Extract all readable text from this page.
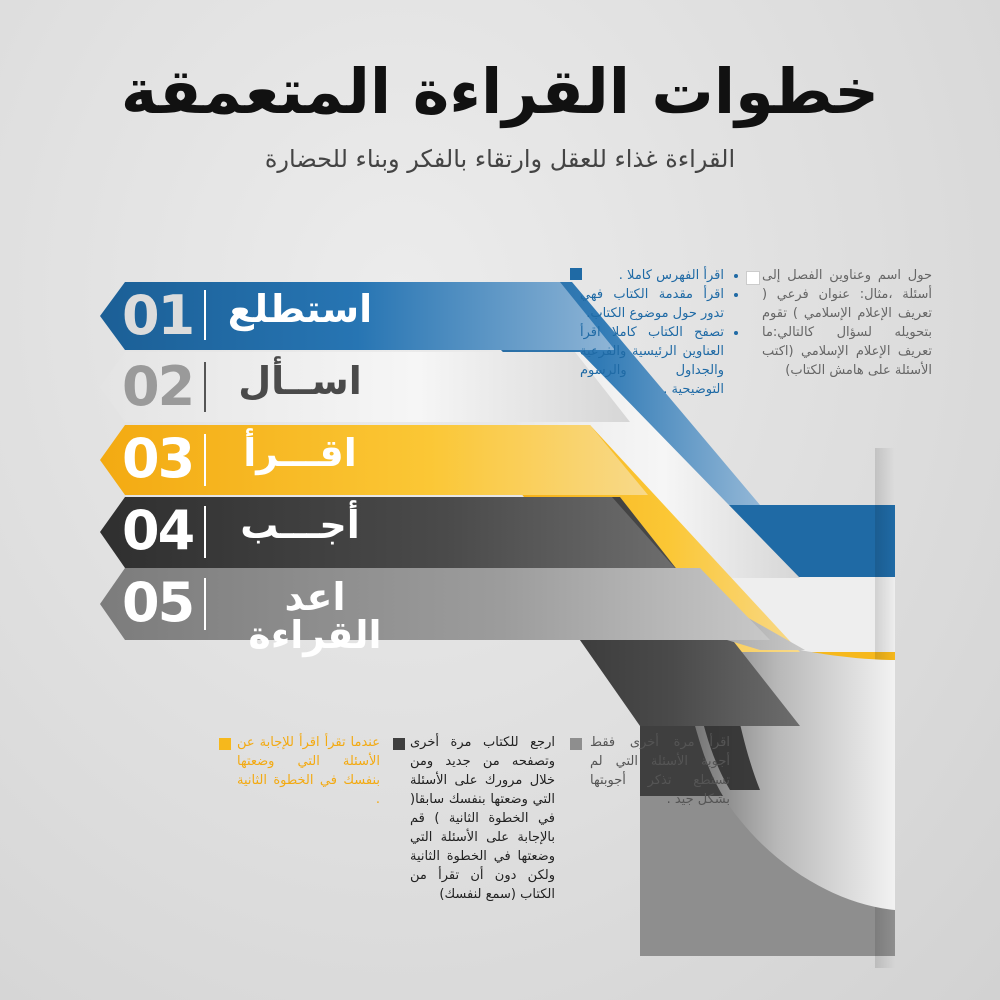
خطوات القراءة المتعمقة
القراءة غذاء للعقل وارتقاء بالفكر وبناء للحضارة
01
02
03
04
05
استطلع
اســأل
اقـــرأ
أجـــب
اعد القراءة
• اقرأ الفهرس كاملا .
• اقرأ مقدمة الكتاب فهي تدور حول موضوع الكتاب.
• تصفح الكتاب كاملا اقرأ العناوين الرئيسية والفرعية والجداول والرسوم التوضيحية .
حول اسم وعناوين الفصل إلى أسئلة ،مثال: عنوان فرعي ( تعريف الإعلام الإسلامي ) تقوم بتحويله لسؤال كالتالي:ما تعريف الإعلام الإسلامي (اكتب الأسئلة على هامش الكتاب)
عندما تقرأ اقرأ للإجابة عن الأسئلة التي وضعتها بنفسك في الخطوة الثانية .
ارجع للكتاب مرة أخرى وتصفحه من جديد ومن خلال مرورك على الأسئلة التي وضعتها بنفسك سابقا( في الخطوة الثانية ) قم بالإجابة على الأسئلة التي وضعتها في الخطوة الثانية ولكن دون أن تقرأ من الكتاب (سمع لنفسك)
اقرأ مرة أخرى فقط أجوبة الأسئلة التي لم تستطع تذكر أجوبتها بشكل جيد .
